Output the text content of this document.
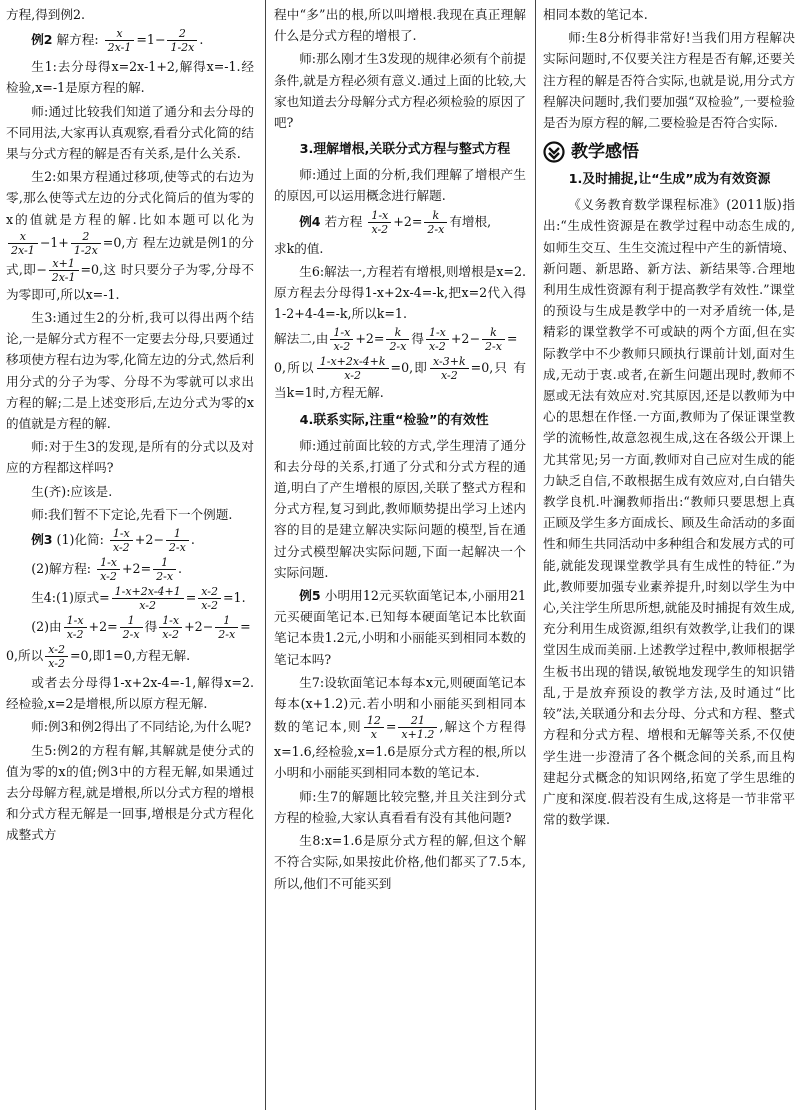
方程,得到例2.

例2 解方程: $\frac{x}{2x-1} =1- \frac{2}{1-2x}$ .

生1:去分母得x=2x-1+2,解得x=-1.经检验,x=-1是原方程的解.

师:通过比较我们知道了通分和去分母的不同用法,大家再认真观察,看看分式化简的结果与分式方程的解是否有关系,是什么关系.

生2:如果方程通过移项,使等式的右边为零,那么使等式左边的分式化简后的值为零的x的值就是方程的解.比如本题可以化为
$\frac{x}{2x-1} -1+ \frac{2}{1-2x} =0$,方 程左边就是例1的分式,即− $\frac{x+1}{2x-1} =0$,这 时只要分子为零,分母不为零即可,所以x=-1.

生3:通过生2的分析,我可以得出两个结论,一是解分式方程不一定要去分母,只要通过移项使方程右边为零,化简左边的分式,然后利用分式的分子为零、分母不为零就可以求出方程的解;二是上述变形后,左边分式为零的x的值就是方程的解.

师:对于生3的发现,是所有的分式以及对应的方程都这样吗?

生(齐):应该是.

师:我们暂不下定论,先看下一个例题.

例3 (1)化简: $\frac{1-x}{x-2} +2- \frac{1}{2-x}$ .

(2)解方程: $\frac{1-x}{x-2} +2= \frac{1}{2-x}$ .

生4:(1)原式= $\frac{1-x+2x-4+1}{x-2} = \frac{x-2}{x-2} =1$.

(2)由 $\frac{1-x}{x-2} +2= \frac{1}{2-x}$ 得 $\frac{1-x}{x-2} +2- \frac{1}{2-x}$ =

0,所以 $\frac{x-2}{x-2} =0$,即1=0,方程无解.

或者去分母得1-x+2x-4=-1,解得x=2.经检验,x=2是增根,所以原方程无解.

师:例3和例2得出了不同结论,为什么呢?

生5:例2的方程有解,其解就是使分式的值为零的x的值;例3中的方程无解,如果通过去分母解方程,就是增根,所以分式方程的增根和分式方程无解是一回事,增根是分式方程化成整式方

程中“多”出的根,所以叫增根.我现在真正理解什么是分式方程的增根了.

师:那么刚才生3发现的规律必须有个前提条件,就是方程必须有意义.通过上面的比较,大家也知道去分母解分式方程必须检验的原因了吧?

3.理解增根,关联分式方程与整式方程

师:通过上面的分析,我们理解了增根产生的原因,可以运用概念进行解题.

例4 若方程 $\frac{1-x}{x-2} +2= \frac{k}{2-x}$ 有增根,

求k的值.

生6:解法一,方程若有增根,则增根是x=2.原方程去分母得1-x+2x-4=-k,把x=2代入得1-2+4-4=-k,所以k=1.

解法二,由 $\frac{1-x}{x-2} +2= \frac{k}{2-x}$ 得 $\frac{1-x}{x-2} +2- \frac{k}{2-x}$ =

0,所以 $\frac{1-x+2x-4+k}{x-2} =0$,即 $\frac{x-3+k}{x-2} =0$,只 有当k=1时,方程无解.

4.联系实际,注重“检验”的有效性

师:通过前面比较的方式,学生理清了通分和去分母的关系,打通了分式和分式方程的通道,明白了产生增根的原因,关联了整式方程和分式方程,复习到此,教师顺势提出学习上述内容的目的是建立解决实际问题的模型,旨在通过分式模型解决实际问题,下面一起解决一个实际问题.

例5 小明用12元买软面笔记本,小丽用21元买硬面笔记本.已知每本硬面笔记本比软面笔记本贵1.2元,小明和小丽能买到相同本数的笔记本吗?

生7:设软面笔记本每本x元,则硬面笔记本每本(x+1.2)元.若小明和小丽能买到相同本数的笔记本,则 $\frac{12}{x} = \frac{21}{x+1.2}$ ,解这个方程得x=1.6,经检验,x=1.6是原分式方程的根,所以小明和小丽能买到相同本数的笔记本.

师:生7的解题比较完整,并且关注到分式方程的检验,大家认真看看有没有其他问题?

生8:x=1.6是原分式方程的解,但这个解不符合实际,如果按此价格,他们都买了7.5本,所以,他们不可能买到

相同本数的笔记本.

师:生8分析得非常好!当我们用方程解决实际问题时,不仅要关注方程是否有解,还要关注方程的解是否符合实际,也就是说,用分式方程解决问题时,我们要加强“双检验”,一要检验是否为原方程的解,二要检验是否符合实际.

教学感悟
1.及时捕捉,让“生成”成为有效资源

《义务教育数学课程标准》(2011版)指出:“生成性资源是在教学过程中动态生成的,如师生交互、生生交流过程中产生的新情境、新问题、新思路、新方法、新结果等.合理地利用生成性资源有利于提高教学有效性.”课堂的预设与生成是教学中的一对矛盾统一体,是精彩的课堂教学不可或缺的两个方面,但在实际教学中不少教师只顾执行课前计划,面对生成,无动于衷.或者,在新生问题出现时,教师不愿或无法有效应对.究其原因,还是以教师为中心的思想在作怪.一方面,教师为了保证课堂教学的流畅性,故意忽视生成,这在各级公开课上尤其常见;另一方面,教师对自己应对生成的能力缺乏自信,不敢根据生成有效应对,白白错失教学良机.叶澜教师指出:“教师只要思想上真正顾及学生多方面成长、顾及生命活动的多面性和师生共同活动中多种组合和发展方式的可能,就能发现课堂教学具有生成性的特征.”为此,教师要加强专业素养提升,时刻以学生为中心,关注学生所思所想,就能及时捕捉有效生成,充分利用生成资源,组织有效教学,让我们的课堂因生成而美丽.上述教学过程中,教师根据学生板书出现的错误,敏锐地发现学生的知识错乱,于是放弃预设的教学方法,及时通过“比较”法,关联通分和去分母、分式和方程、整式方程和分式方程、增根和无解等关系,不仅使学生进一步澄清了各个概念间的关系,而且构建起分式概念的知识网络,拓宽了学生思维的广度和深度.假若没有生成,这将是一节非常平常的数学课.
